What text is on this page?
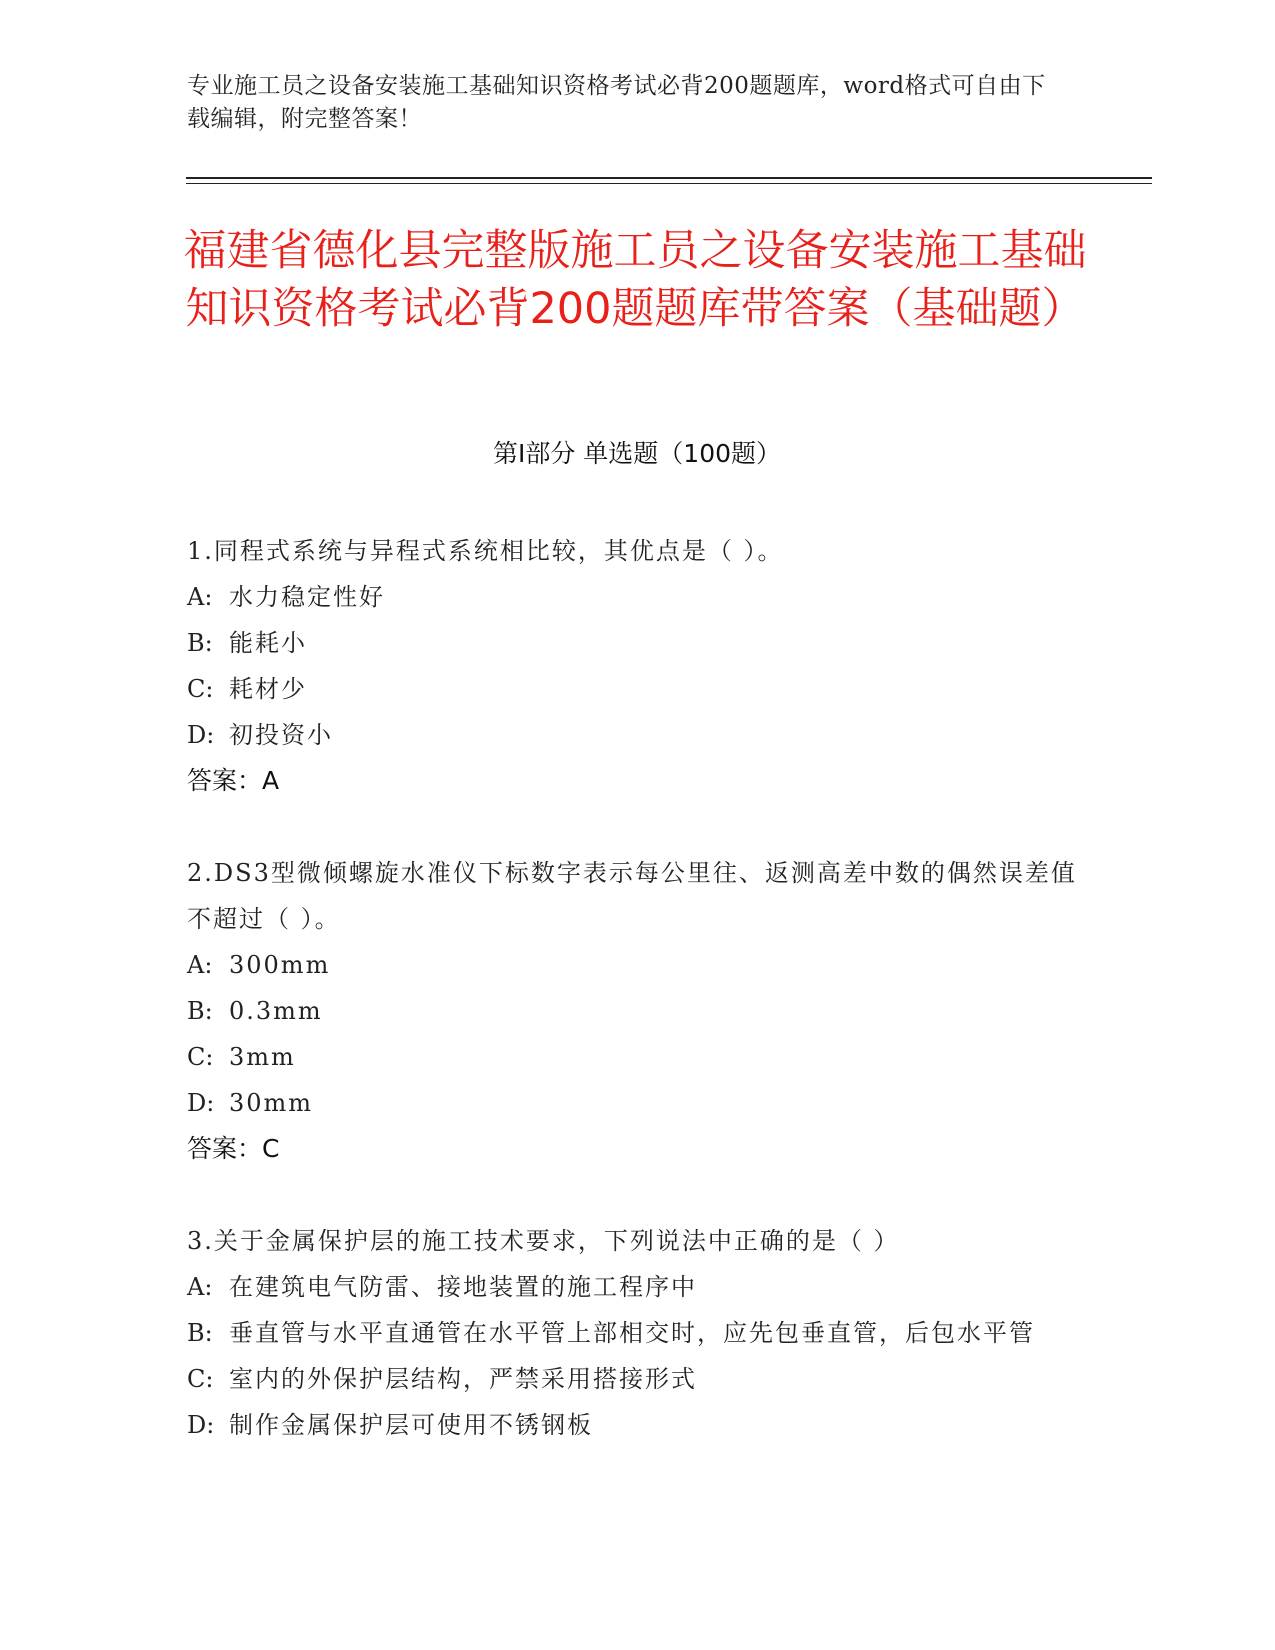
专业施工员之设备安装施工基础知识资格考试必背200题题库，word格式可自由下载编辑，附完整答案！
福建省德化县完整版施工员之设备安装施工基础知识资格考试必背200题题库带答案（基础题）
第Ⅰ部分 单选题（100题）
1.同程式系统与异程式系统相比较，其优点是（ ）。
A: 水力稳定性好
B: 能耗小
C: 耗材少
D: 初投资小
答案：A
2.DS3型微倾螺旋水准仪下标数字表示每公里往、返测高差中数的偶然误差值不超过（ ）。
A: 300mm
B: 0.3mm
C: 3mm
D: 30mm
答案：C
3.关于金属保护层的施工技术要求，下列说法中正确的是（ ）
A: 在建筑电气防雷、接地装置的施工程序中
B: 垂直管与水平直通管在水平管上部相交时，应先包垂直管，后包水平管
C: 室内的外保护层结构，严禁采用搭接形式
D: 制作金属保护层可使用不锈钢板
